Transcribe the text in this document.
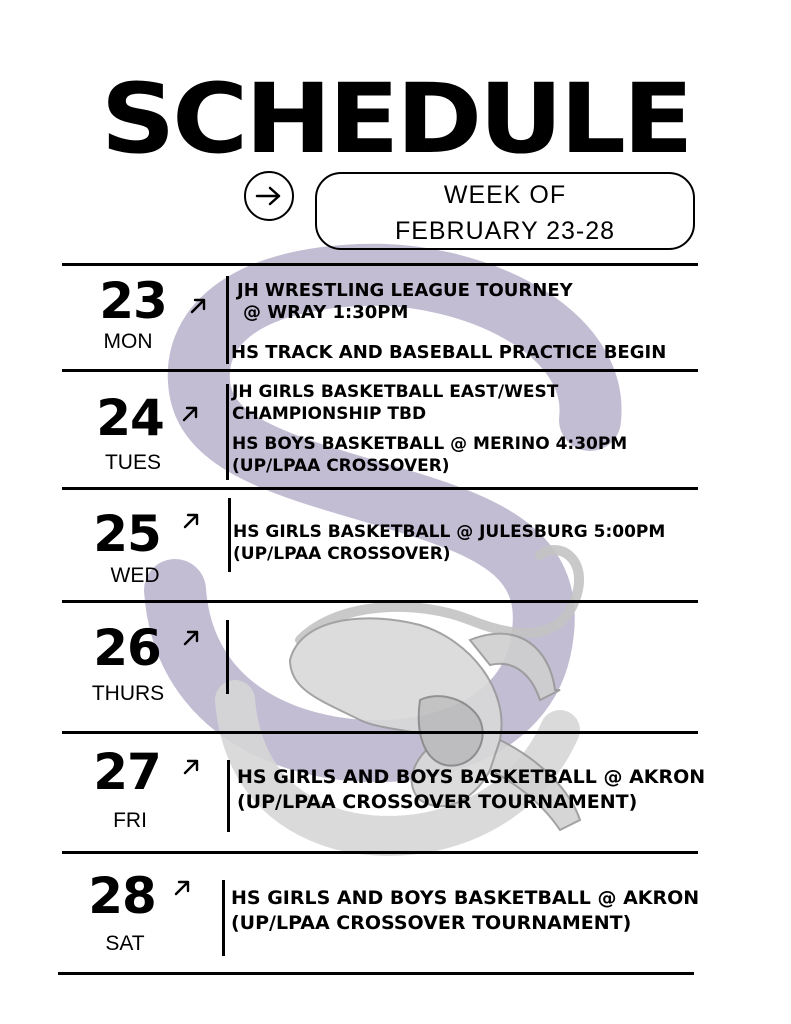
SCHEDULE
WEEK OF
FEBRUARY 23-28
23
MON
JH WRESTLING LEAGUE TOURNEY
@ WRAY 1:30PM
HS TRACK AND BASEBALL PRACTICE BEGIN
24
TUES
JH GIRLS BASKETBALL EAST/WEST
CHAMPIONSHIP TBD
HS BOYS BASKETBALL @ MERINO 4:30PM
(UP/LPAA CROSSOVER)
25
WED
HS GIRLS BASKETBALL @ JULESBURG 5:00PM
(UP/LPAA CROSSOVER)
26
THURS
27
FRI
HS GIRLS AND BOYS BASKETBALL @ AKRON
(UP/LPAA CROSSOVER TOURNAMENT)
28
SAT
HS GIRLS AND BOYS BASKETBALL @ AKRON
(UP/LPAA CROSSOVER TOURNAMENT)
